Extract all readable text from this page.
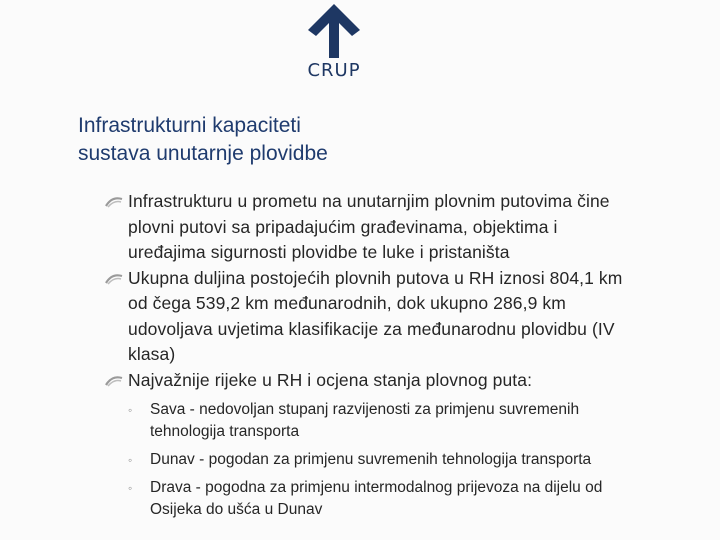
CRUP
Infrastrukturni kapaciteti
sustava unutarnje plovidbe
Infrastrukturu u prometu na unutarnjim plovnim putovima čine
plovni putovi sa pripadajućim građevinama, objektima i
uređajima sigurnosti plovidbe te luke i pristaništa
Ukupna duljina postojećih plovnih putova u RH iznosi 804,1 km
od čega 539,2 km međunarodnih, dok ukupno 286,9 km
udovoljava uvjetima klasifikacije za međunarodnu plovidbu (IV
klasa)
Najvažnije rijeke u RH i ocjena stanja plovnog puta:
◦ Sava - nedovoljan stupanj razvijenosti za primjenu suvremenih
tehnologija transporta
◦ Dunav - pogodan za primjenu suvremenih tehnologija transporta
◦ Drava - pogodna za primjenu intermodalnog prijevoza na dijelu od
Osijeka do ušća u Dunav
